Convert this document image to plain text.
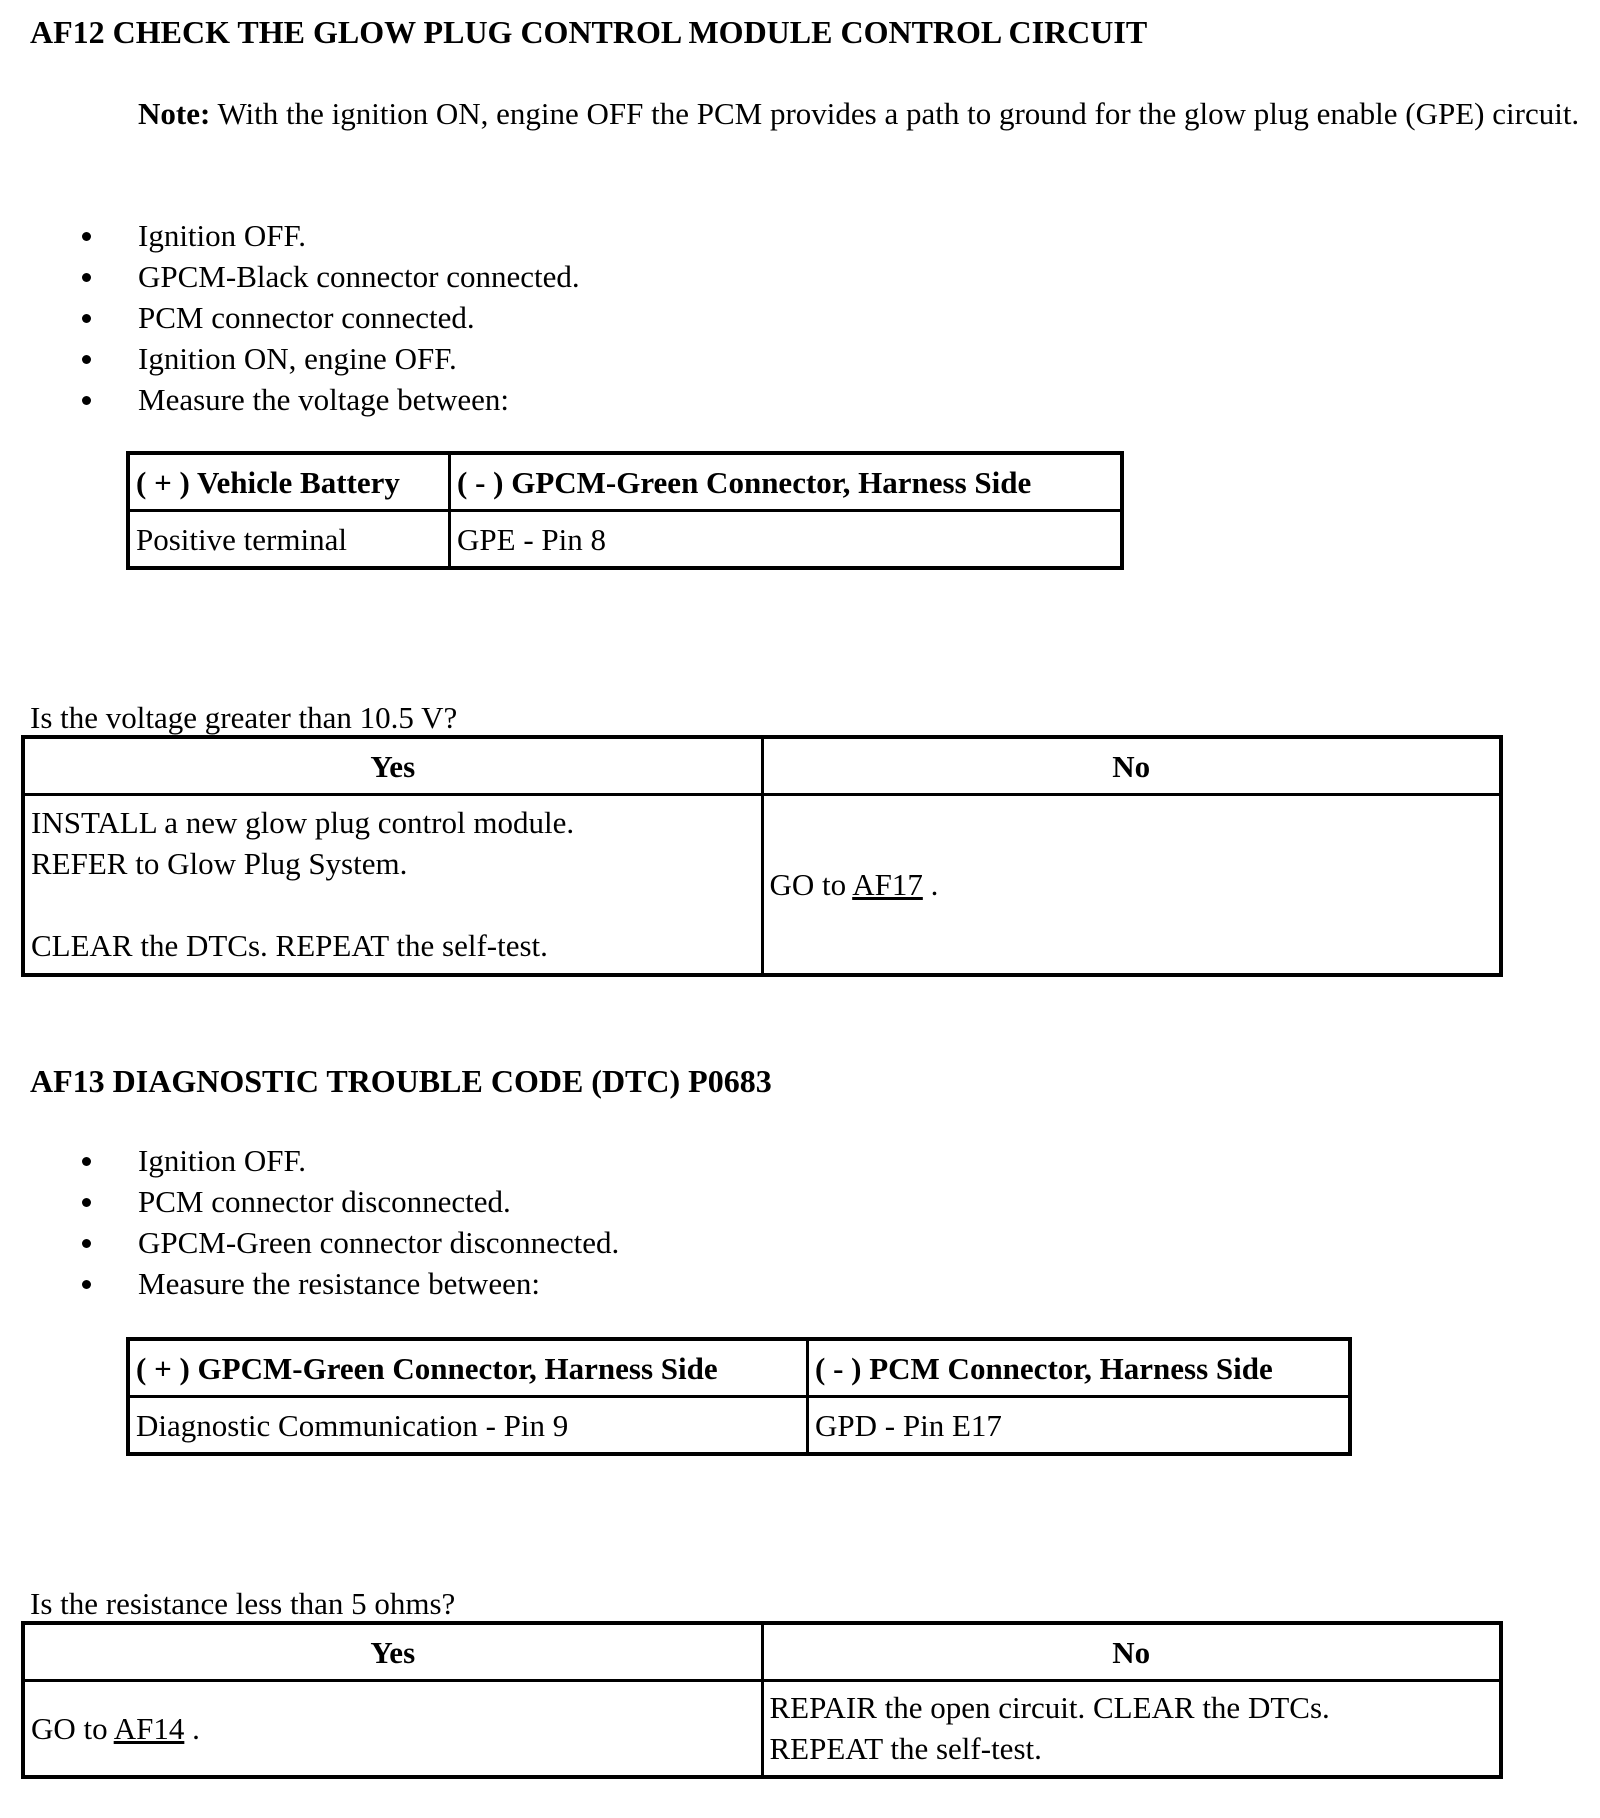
AF12 CHECK THE GLOW PLUG CONTROL MODULE CONTROL CIRCUIT
Note: With the ignition ON, engine OFF the PCM provides a path to ground for the glow plug enable (GPE) circuit.
Ignition OFF.
GPCM-Black connector connected.
PCM connector connected.
Ignition ON, engine OFF.
Measure the voltage between:
( + ) Vehicle Battery	( - ) GPCM-Green Connector, Harness Side
Positive terminal	GPE - Pin 8
Is the voltage greater than 10.5 V?
Yes	No

INSTALL a new glow plug control module.
REFER to Glow Plug System.
CLEAR the DTCs. REPEAT the self-test.	GO to AF17 .
AF13 DIAGNOSTIC TROUBLE CODE (DTC) P0683
Ignition OFF.
PCM connector disconnected.
GPCM-Green connector disconnected.
Measure the resistance between:
( + ) GPCM-Green Connector, Harness Side	( - ) PCM Connector, Harness Side
Diagnostic Communication - Pin 9	GPD - Pin E17
Is the resistance less than 5 ohms?
Yes	No
GO to AF14 .	REPAIR the open circuit. CLEAR the DTCs.
REPEAT the self-test.
